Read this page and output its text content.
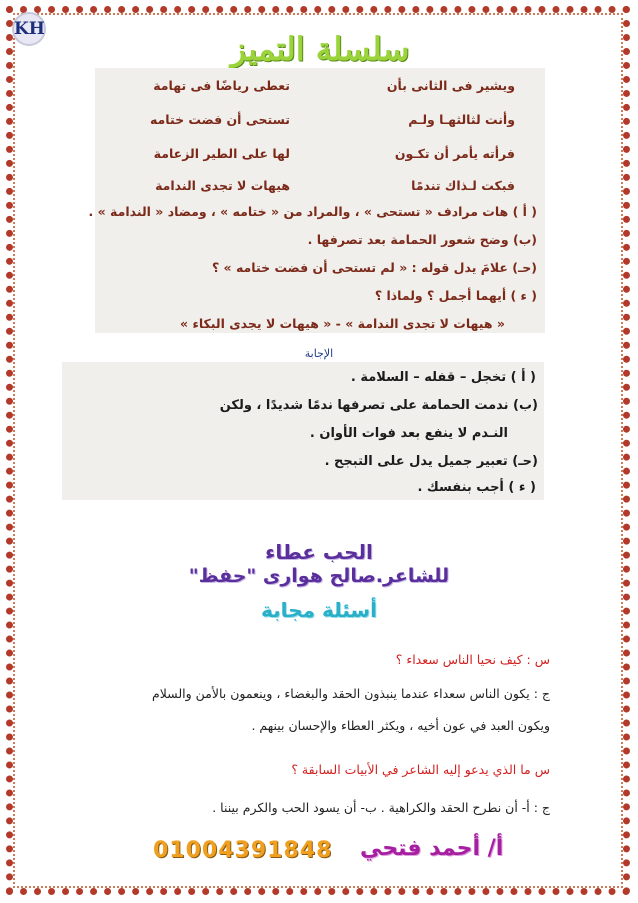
KH
سلسلة التميز
ويشير فى الثانى بأن
تعطى رياضًا فى تهامة
وأنت لثالثهـا ولـم
تستحى أن فضت ختامه
فرأته يأمر أن تكـون
لها على الطير الزعامة
فبكت لـذاك تندمًا
هيهات لا تجدى الندامة
( أ ) هات مرادف « تستحى » ، والمراد من « ختامه » ، ومضاد « الندامة » .
(ب) وضح شعور الحمامة بعد تصرفها .
(حـ) علامَ يدل قوله : « لم تستحى أن فضت ختامه » ؟
( ء ) أيهما أجمل ؟ ولماذا ؟
« هيهات لا تجدى الندامة » - « هيهات لا يجدى البكاء »
الإجابة
( أ ) تخجل – قفله – السلامة .
(ب) ندمت الحمامة على تصرفها ندمًا شديدًا ، ولكن
النـدم لا ينفع بعد فوات الأوان .
(حـ) تعبير جميل يدل على التبجح .
( ء ) أجب بنفسك .
الحب عطاء
للشاعر.صالح هوارى "حفظ"
أسئلة مجابة
س : كيف نحيا الناس سعداء ؟
ج : يكون الناس سعداء عندما ينبذون الحقد والبغضاء ، وينعمون بالأمن والسلام
ويكون العبد في عون أخيه ، ويكثر العطاء والإحسان بينهم .
س ما الذي يدعو إليه الشاعر في الأبيات السابقة ؟
ج : أ- أن نطرح الحقد والكراهية . ب- أن يسود الحب والكرم بيننا .
أ/ أحمد فتحي
01004391848
